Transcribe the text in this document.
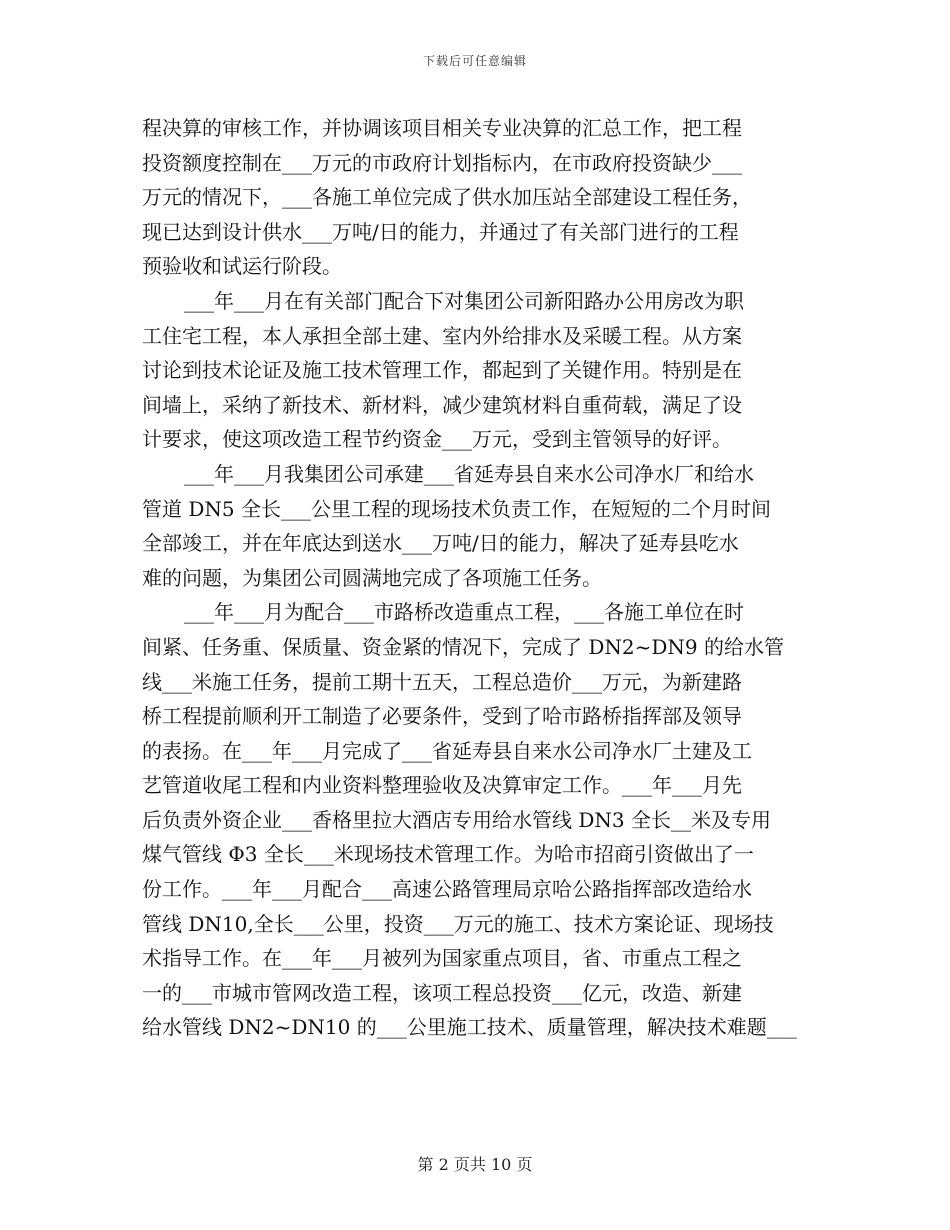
下载后可任意编辑
程决算的审核工作，并协调该项目相关专业决算的汇总工作，把工程
投资额度控制在___万元的市政府计划指标内，在市政府投资缺少___
万元的情况下，___各施工单位完成了供水加压站全部建设工程任务，
现已达到设计供水___万吨/日的能力，并通过了有关部门进行的工程
预验收和试运行阶段。
___年___月在有关部门配合下对集团公司新阳路办公用房改为职
工住宅工程，本人承担全部土建、室内外给排水及采暖工程。从方案
讨论到技术论证及施工技术管理工作，都起到了关键作用。特别是在
间墙上，采纳了新技术、新材料，减少建筑材料自重荷载，满足了设
计要求，使这项改造工程节约资金___万元，受到主管领导的好评。
___年___月我集团公司承建___省延寿县自来水公司净水厂和给水
管道 DN5 全长___公里工程的现场技术负责工作，在短短的二个月时间
全部竣工，并在年底达到送水___万吨/日的能力，解决了延寿县吃水
难的问题，为集团公司圆满地完成了各项施工任务。
___年___月为配合___市路桥改造重点工程，___各施工单位在时
间紧、任务重、保质量、资金紧的情况下，完成了 DN2~DN9 的给水管
线___米施工任务，提前工期十五天，工程总造价___万元，为新建路
桥工程提前顺利开工制造了必要条件，受到了哈市路桥指挥部及领导
的表扬。在___年___月完成了___省延寿县自来水公司净水厂土建及工
艺管道收尾工程和内业资料整理验收及决算审定工作。___年___月先
后负责外资企业___香格里拉大酒店专用给水管线 DN3 全长__米及专用
煤气管线 Φ3 全长___米现场技术管理工作。为哈市招商引资做出了一
份工作。___年___月配合___高速公路管理局京哈公路指挥部改造给水
管线 DN10,全长___公里，投资___万元的施工、技术方案论证、现场技
术指导工作。在___年___月被列为国家重点项目，省、市重点工程之
一的___市城市管网改造工程，该项工程总投资___亿元，改造、新建
给水管线 DN2~DN10 的___公里施工技术、质量管理，解决技术难题___
第 2 页共 10 页
